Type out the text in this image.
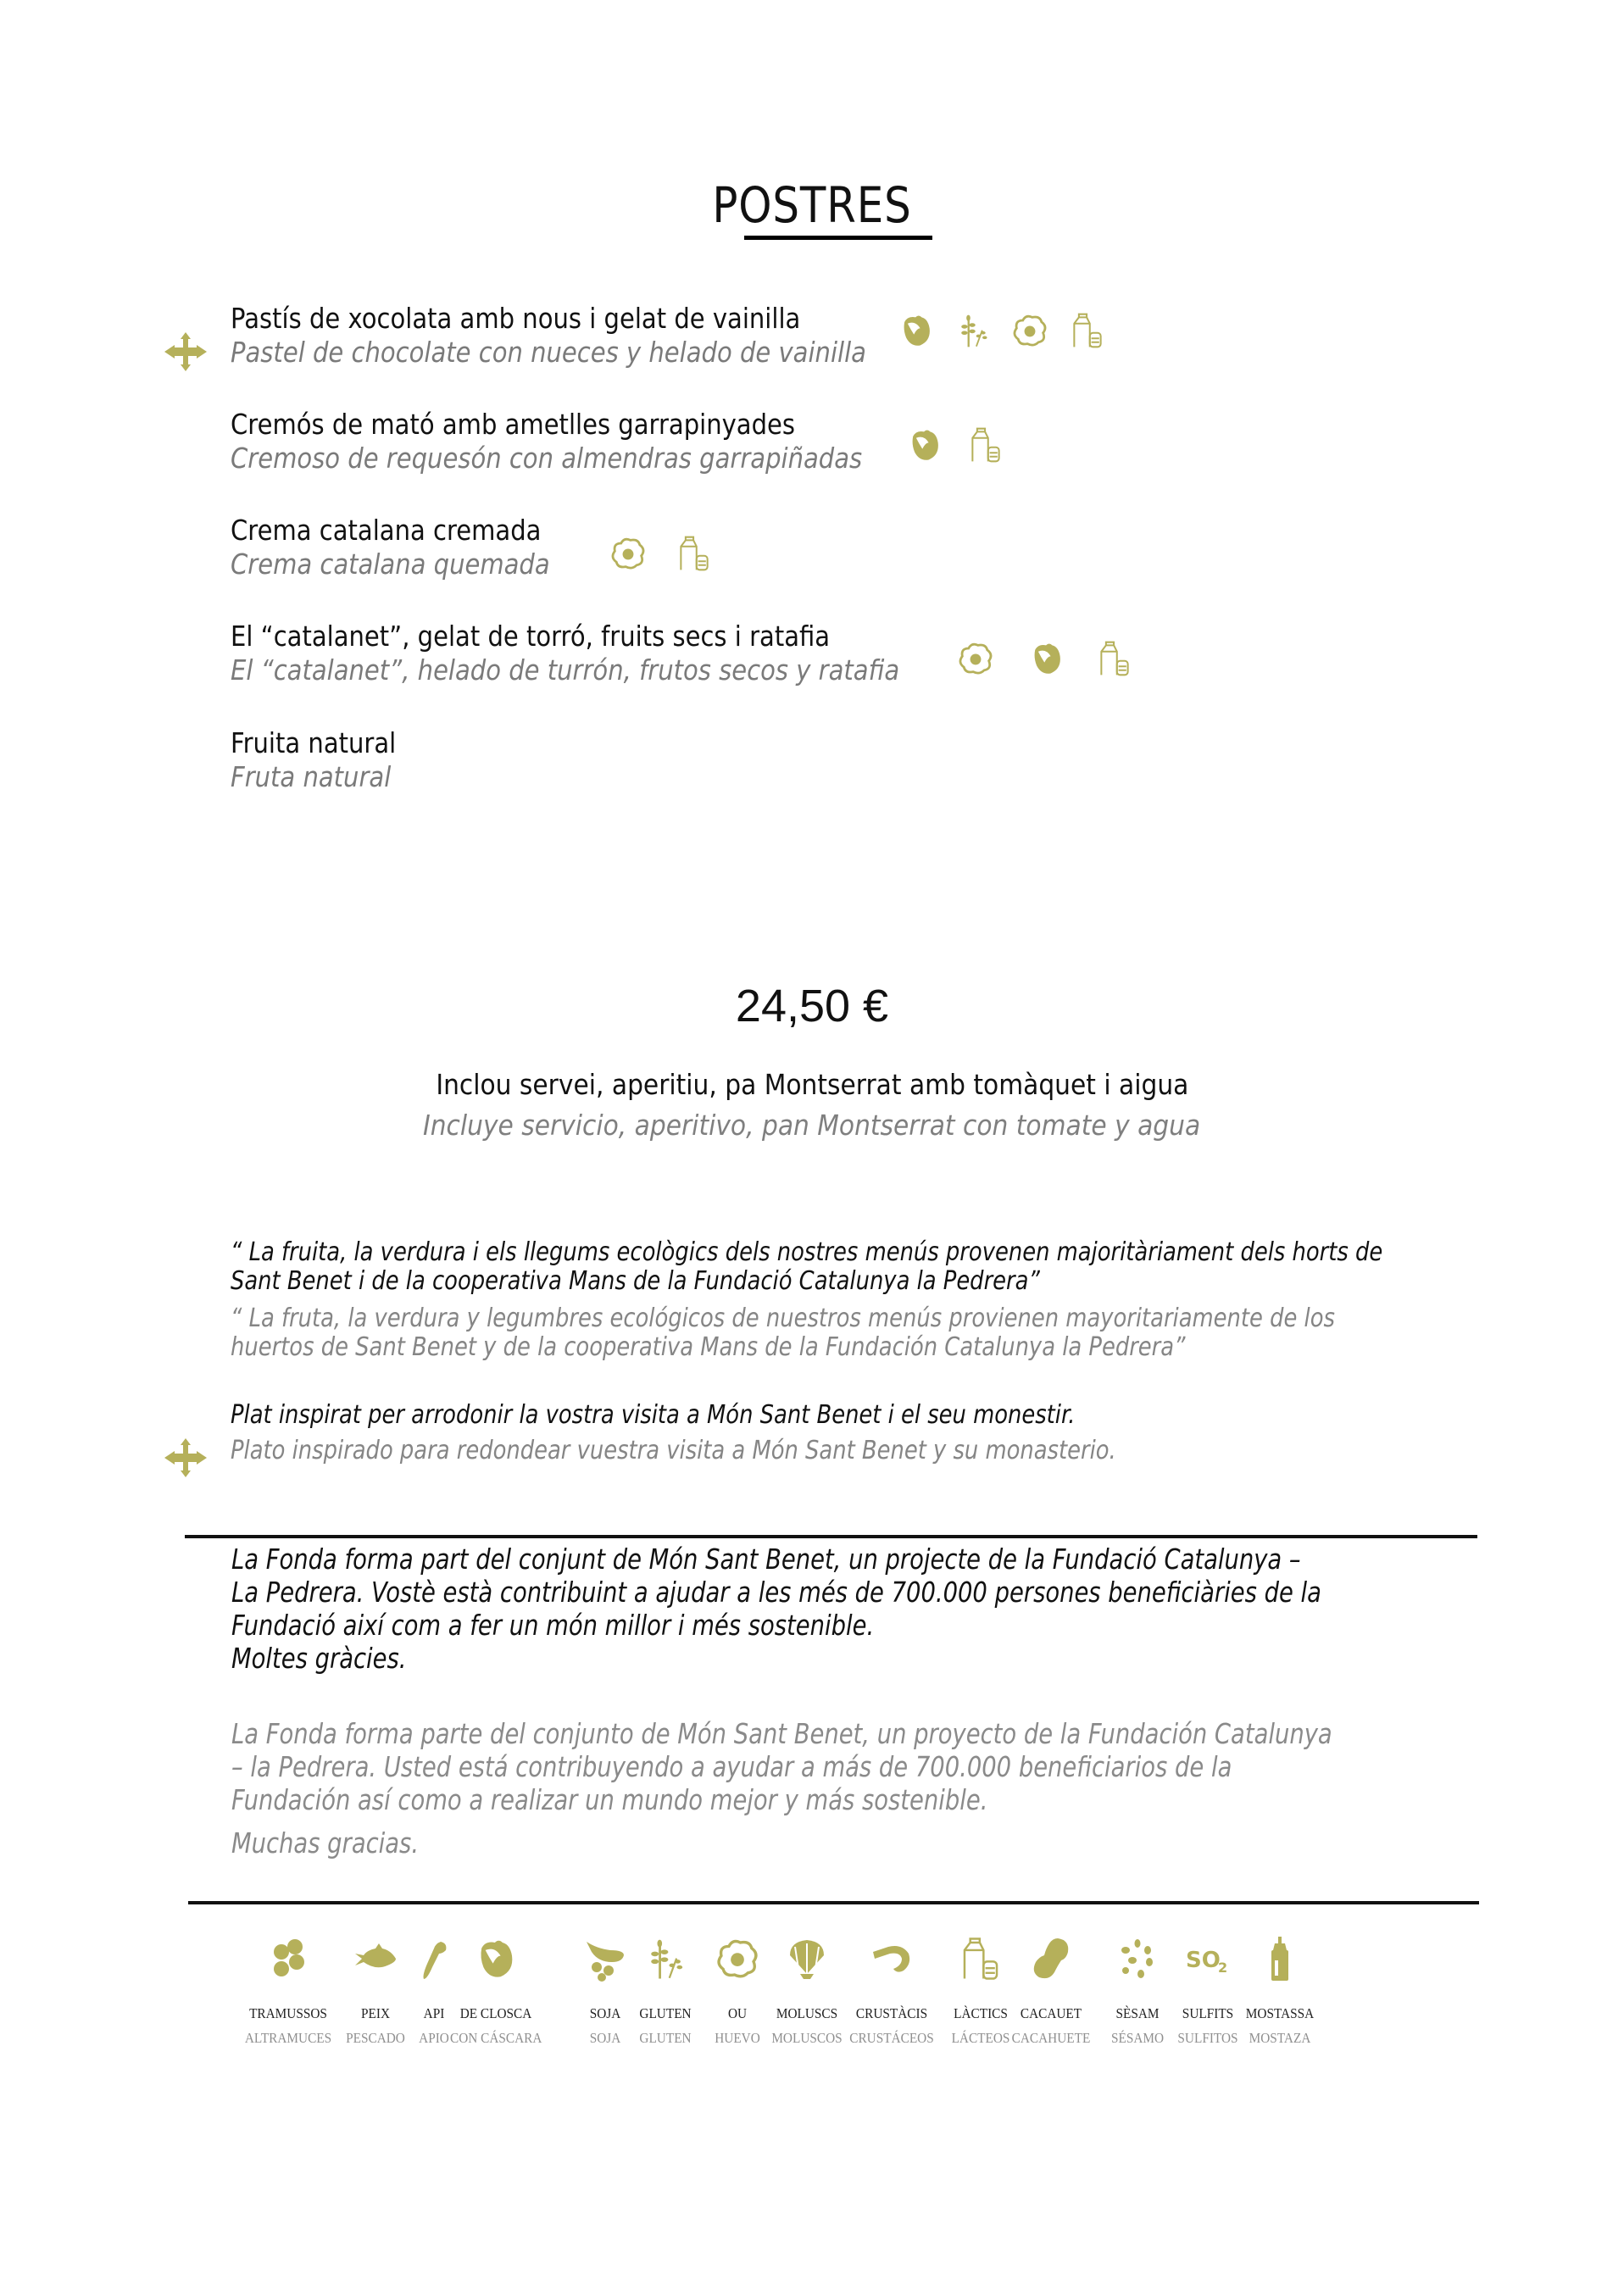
POSTRES
Pastís de xocolata amb nous i gelat de vainilla
Pastel de chocolate con nueces y helado de vainilla
Cremós de mató amb ametlles garrapinyades
Cremoso de requesón con almendras garrapiñadas
Crema catalana cremada
Crema catalana quemada
El “catalanet”, gelat de torró, fruits secs i ratafia
El “catalanet”, helado de turrón, frutos secos y ratafia
Fruita natural
Fruta natural
24,50 €
Inclou servei, aperitiu, pa Montserrat amb tomàquet i aigua
Incluye servicio, aperitivo, pan Montserrat con tomate y agua
“ La fruita, la verdura i els llegums ecològics dels nostres menús provenen majoritàriament dels horts de
Sant Benet i de la cooperativa Mans de la Fundació Catalunya la Pedrera”
“ La fruta, la verdura y legumbres ecológicos de nuestros menús provienen mayoritariamente de los
huertos de Sant Benet y de la cooperativa Mans de la Fundación Catalunya la Pedrera”
Plat inspirat per arrodonir la vostra visita a Món Sant Benet i el seu monestir.
Plato inspirado para redondear vuestra visita a Món Sant Benet y su monasterio.
La Fonda forma part del conjunt de Món Sant Benet, un projecte de la Fundació Catalunya –
La Pedrera. Vostè està contribuint a ajudar a les més de 700.000 persones beneficiàries de la
Fundació així com a fer un món millor i més sostenible.
Moltes gràcies.
La Fonda forma parte del conjunto de Món Sant Benet, un proyecto de la Fundación Catalunya
– la Pedrera. Usted está contribuyendo a ayudar a más de 700.000 beneficiarios de la
Fundación así como a realizar un mundo mejor y más sostenible.
Muchas gracias.
TRAMUSSOS
ALTRAMUCES
PEIX
PESCADO
API
APIO
DE CLOSCA
CON CÁSCARA
SOJA
SOJA
GLUTEN
GLUTEN
OU
HUEVO
MOLUSCS
MOLUSCOS
CRUSTÀCIS
CRUSTÁCEOS
LÀCTICS
LÁCTEOS
CACAUET
CACAHUETE
SÈSAM
SÉSAMO
SO
2
SULFITS
SULFITOS
MOSTASSA
MOSTAZA
